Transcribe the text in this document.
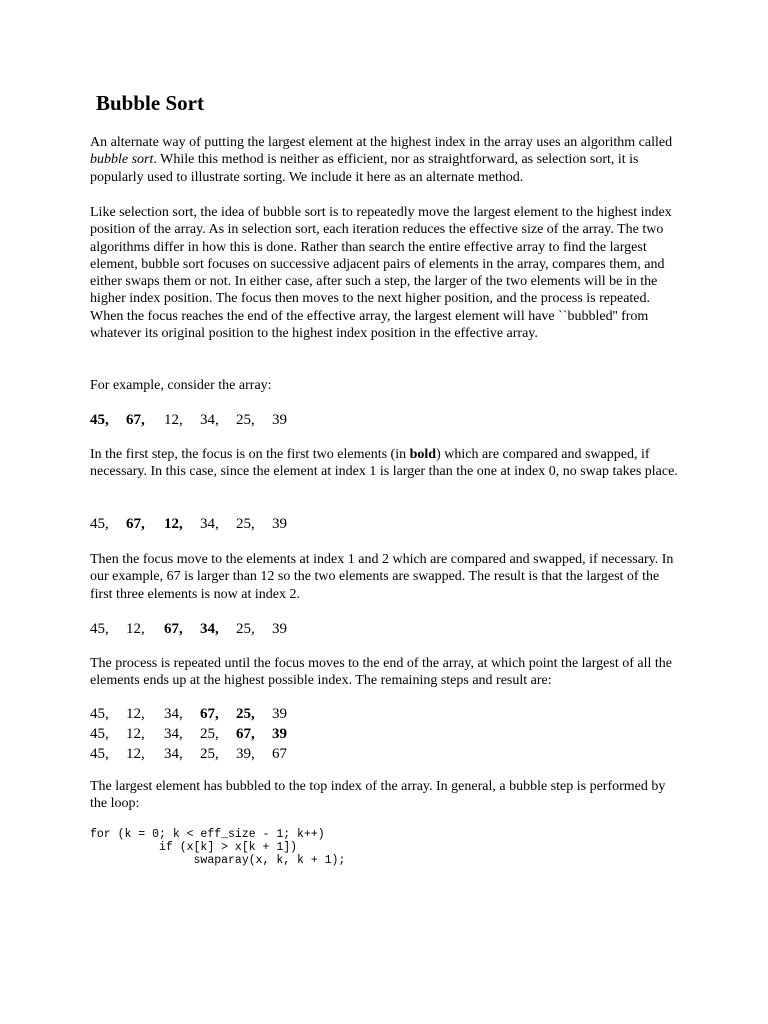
Bubble Sort

An alternate way of putting the largest element at the highest index in the array uses an algorithm called bubble sort. While this method is neither as efficient, nor as straightforward, as selection sort, it is popularly used to illustrate sorting. We include it here as an alternate method.

Like selection sort, the idea of bubble sort is to repeatedly move the largest element to the highest index position of the array. As in selection sort, each iteration reduces the effective size of the array. The two algorithms differ in how this is done. Rather than search the entire effective array to find the largest element, bubble sort focuses on successive adjacent pairs of elements in the array, compares them, and either swaps them or not. In either case, after such a step, the larger of the two elements will be in the higher index position. The focus then moves to the next higher position, and the process is repeated. When the focus reaches the end of the effective array, the largest element will have ``bubbled'' from whatever its original position to the highest index position in the effective array.

For example, consider the array:

45, 67, 12, 34, 25, 39

In the first step, the focus is on the first two elements (in bold) which are compared and swapped, if necessary. In this case, since the element at index 1 is larger than the one at index 0, no swap takes place.

45, 67, 12, 34, 25, 39

Then the focus move to the elements at index 1 and 2 which are compared and swapped, if necessary. In our example, 67 is larger than 12 so the two elements are swapped. The result is that the largest of the first three elements is now at index 2.

45, 12, 67, 34, 25, 39

The process is repeated until the focus moves to the end of the array, at which point the largest of all the elements ends up at the highest possible index. The remaining steps and result are:

45, 12, 34, 67, 25, 39
45, 12, 34, 25, 67, 39
45, 12, 34, 25, 39, 67

The largest element has bubbled to the top index of the array. In general, a bubble step is performed by the loop:

for (k = 0; k < eff_size - 1; k++)
if (x[k] > x[k + 1])
swaparay(x, k, k + 1);
